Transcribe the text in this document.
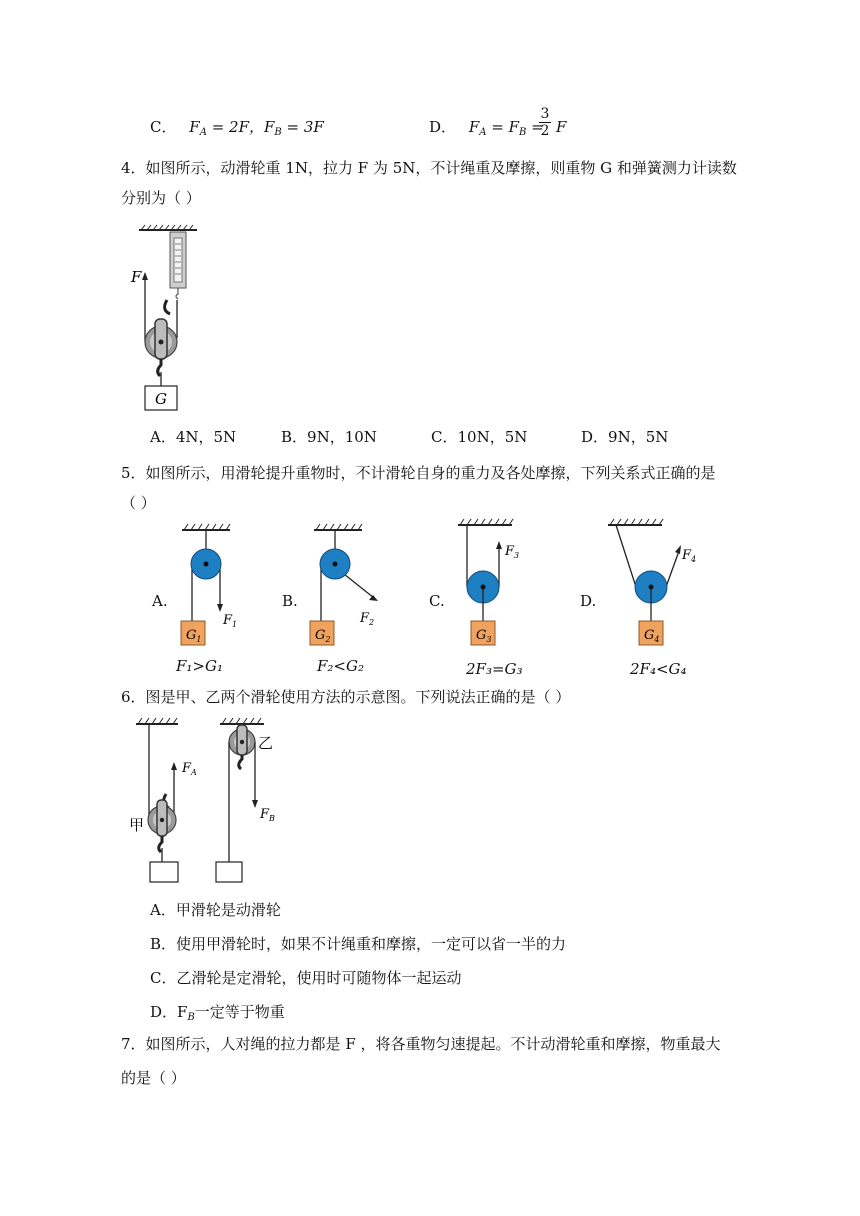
C． $F_A = 2F$，$F_B = 3F$	D． $F_A = F_B$ =
3
2 F
4．如图所示，动滑轮重 1N，拉力 F 为 5N，不计绳重及摩擦，则重物 G 和弹簧测力计读数
分别为（ ）
F
G
A．4N，5N	B．9N，10N	C．10N，5N	D．9N，5N
5．如图所示，用滑轮提升重物时，不计滑轮自身的重力及各处摩擦，下列关系式正确的是
（ ）
A.	B.	C.	D.
$G_1$
$F_1$
F₁>G₁
$G_2$
$F_2$
F₂<G₂
$G_3$
$F_3$
2F₃=G₃
$G_4$
$F_4$
2F₄<G₄
6．图是甲、乙两个滑轮使用方法的示意图。下列说法正确的是（ ）
$F_A$
甲
乙
$F_B$
A．甲滑轮是动滑轮
B．使用甲滑轮时，如果不计绳重和摩擦，一定可以省一半的力
C．乙滑轮是定滑轮，使用时可随物体一起运动
D．$F_B$一定等于物重
7．如图所示，人对绳的拉力都是 F ，将各重物匀速提起。不计动滑轮重和摩擦，物重最大
的是（ ）
